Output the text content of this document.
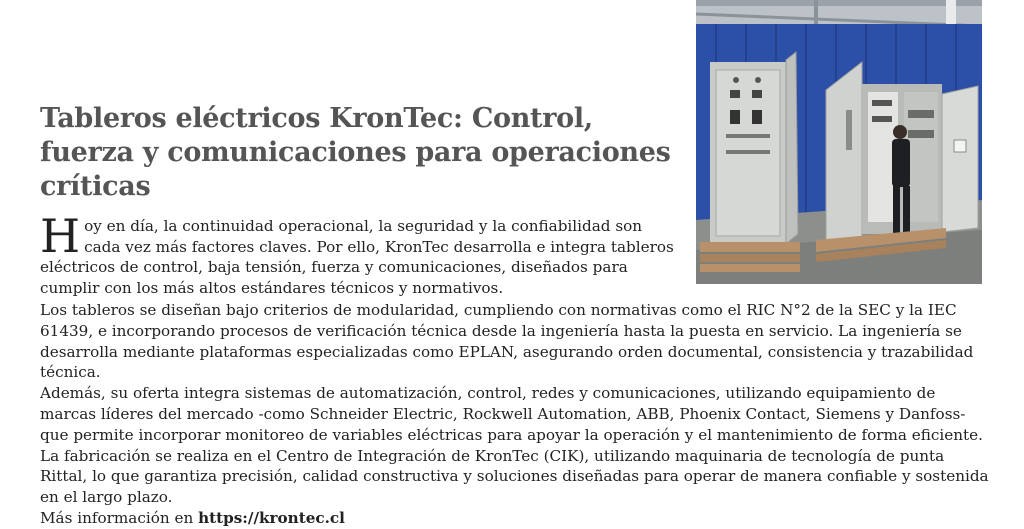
Tableros eléctricos KronTec: Control, fuerza y comunicaciones para operaciones críticas
Hoy en día, la continuidad operacional, la seguridad y la confiabilidad son cada vez más factores claves. Por ello, KronTec desarrolla e integra tableros eléctricos de control, baja tensión, fuerza y comunicaciones, diseñados para cumplir con los más altos estándares técnicos y normativos.

Los tableros se diseñan bajo criterios de modularidad, cumpliendo con normativas como el RIC N°2 de la SEC y la IEC 61439, e incorporando procesos de verificación técnica desde la ingeniería hasta la puesta en servicio. La ingeniería se desarrolla mediante plataformas especializadas como EPLAN, asegurando orden documental, consistencia y trazabilidad técnica.

Además, su oferta integra sistemas de automatización, control, redes y comunicaciones, utilizando equipamiento de marcas líderes del mercado -como Schneider Electric, Rockwell Automation, ABB, Phoenix Contact, Siemens y Danfoss- que permite incorporar monitoreo de variables eléctricas para apoyar la operación y el mantenimiento de forma eficiente.

La fabricación se realiza en el Centro de Integración de KronTec (CIK), utilizando maquinaria de tecnología de punta Rittal, lo que garantiza precisión, calidad constructiva y soluciones diseñadas para operar de manera confiable y sostenida en el largo plazo.

Más información en https://krontec.cl
